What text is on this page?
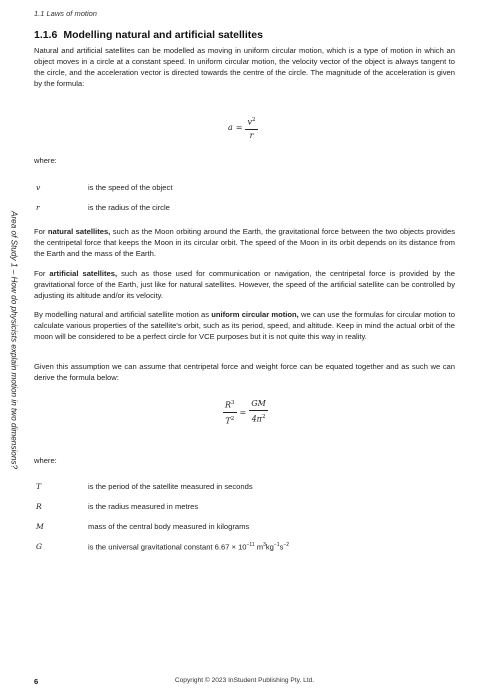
1.1 Laws of motion
1.1.6 Modelling natural and artificial satellites

Natural and artificial satellites can be modelled as moving in uniform circular motion, which is a type of motion in which an object moves in a circle at a constant speed. In uniform circular motion, the velocity vector of the object is always tangent to the circle, and the acceleration vector is directed towards the centre of the circle. The magnitude of the acceleration is given by the formula:

$a = \frac{v^2}{r}$
where:
v	is the speed of the object
r	is the radius of the circle

For natural satellites, such as the Moon orbiting around the Earth, the gravitational force between the two objects provides the centripetal force that keeps the Moon in its circular orbit. The speed of the Moon in its orbit depends on its distance from the Earth and the mass of the Earth.

For artificial satellites, such as those used for communication or navigation, the centripetal force is provided by the gravitational force of the Earth, just like for natural satellites. However, the speed of the artificial satellite can be controlled by adjusting its altitude and/or its velocity.

By modelling natural and artificial satellite motion as uniform circular motion, we can use the formulas for circular motion to calculate various properties of the satellite's orbit, such as its period, speed, and altitude. Keep in mind the actual orbit of the moon will be considered to be a perfect circle for VCE purposes but it is not quite this way in reality.

Given this assumption we can assume that centripetal force and weight force can be equated together and as such we can derive the formula below:

$\frac{R^3}{T^2} = \frac{GM}{4\pi^2}$
where:
T	is the period of the satellite measured in seconds
R	is the radius measured in metres
M	mass of the central body measured in kilograms
G	is the universal gravitational constant $6.67 \times 10^{-11}$ $m^3kg^{-1}s^{-2}$
Area of Study 1 – How do physicists explain motion in two dimensions?
6	Copyright © 2023 InStudent Publishing Pty. Ltd.
